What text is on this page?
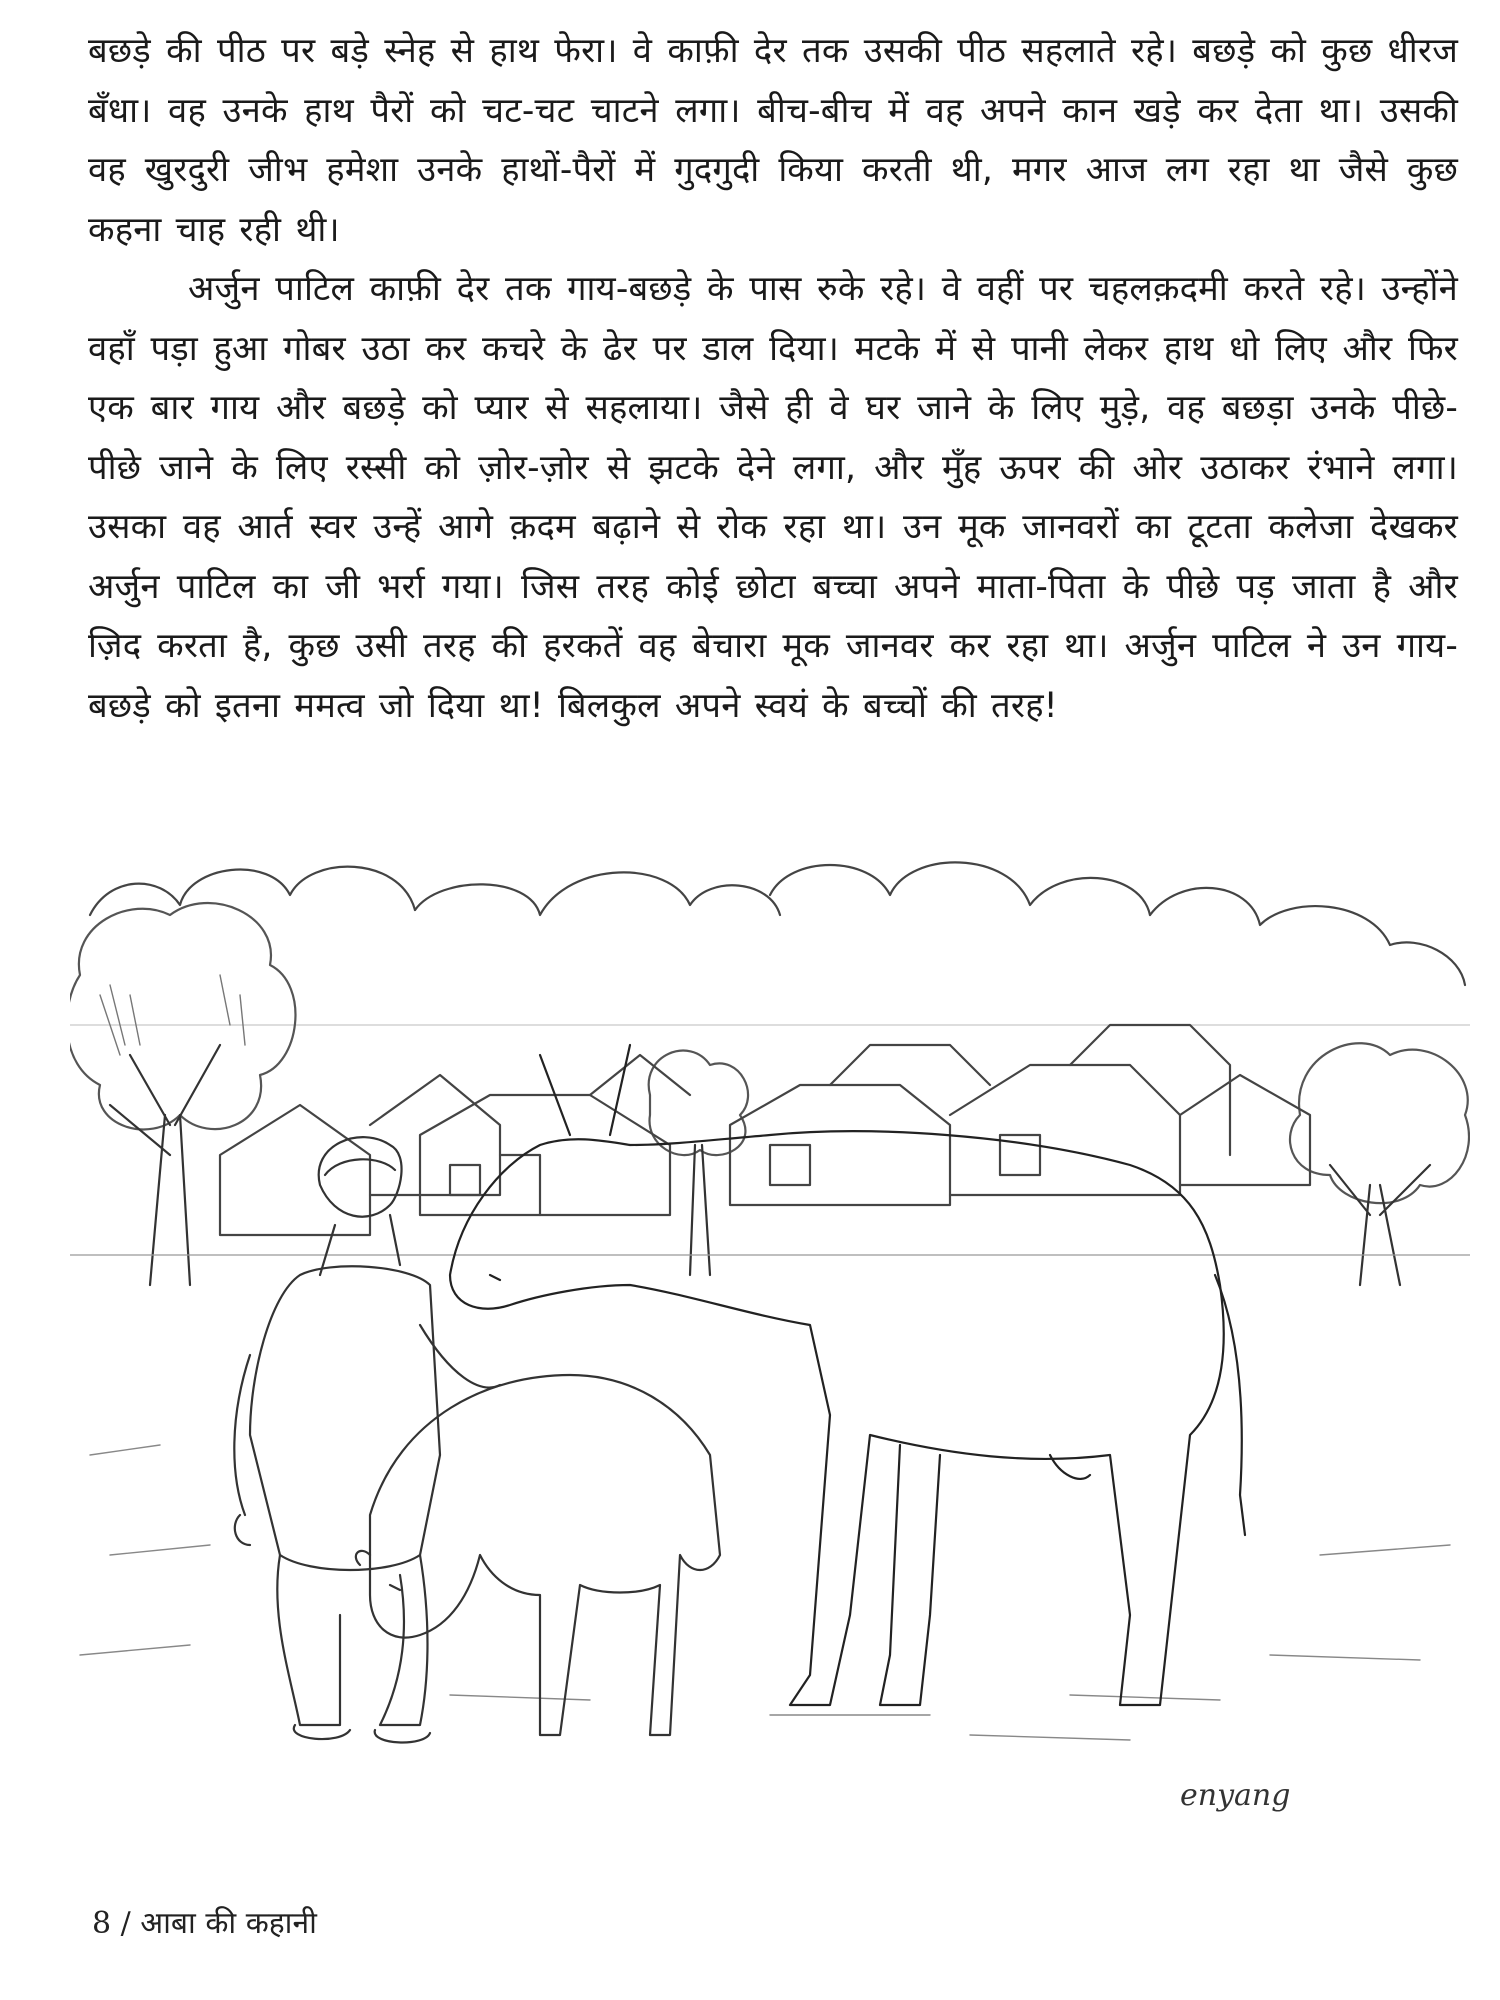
बछड़े की पीठ पर बड़े स्नेह से हाथ फेरा। वे काफ़ी देर तक उसकी पीठ सहलाते रहे। बछड़े को कुछ धीरज बँधा। वह उनके हाथ पैरों को चट-चट चाटने लगा। बीच-बीच में वह अपने कान खड़े कर देता था। उसकी वह खुरदुरी जीभ हमेशा उनके हाथों-पैरों में गुदगुदी किया करती थी, मगर आज लग रहा था जैसे कुछ कहना चाह रही थी।

अर्जुन पाटिल काफ़ी देर तक गाय-बछड़े के पास रुके रहे। वे वहीं पर चहलक़दमी करते रहे। उन्होंने वहाँ पड़ा हुआ गोबर उठा कर कचरे के ढेर पर डाल दिया। मटके में से पानी लेकर हाथ धो लिए और फिर एक बार गाय और बछड़े को प्यार से सहलाया। जैसे ही वे घर जाने के लिए मुड़े, वह बछड़ा उनके पीछे-पीछे जाने के लिए रस्सी को ज़ोर-ज़ोर से झटके देने लगा, और मुँह ऊपर की ओर उठाकर रंभाने लगा। उसका वह आर्त स्वर उन्हें आगे क़दम बढ़ाने से रोक रहा था। उन मूक जानवरों का टूटता कलेजा देखकर अर्जुन पाटिल का जी भर्रा गया। जिस तरह कोई छोटा बच्चा अपने माता-पिता के पीछे पड़ जाता है और ज़िद करता है, कुछ उसी तरह की हरकतें वह बेचारा मूक जानवर कर रहा था। अर्जुन पाटिल ने उन गाय-बछड़े को इतना ममत्व जो दिया था! बिलकुल अपने स्वयं के बच्चों की तरह!

enyang
8 / आबा की कहानी
